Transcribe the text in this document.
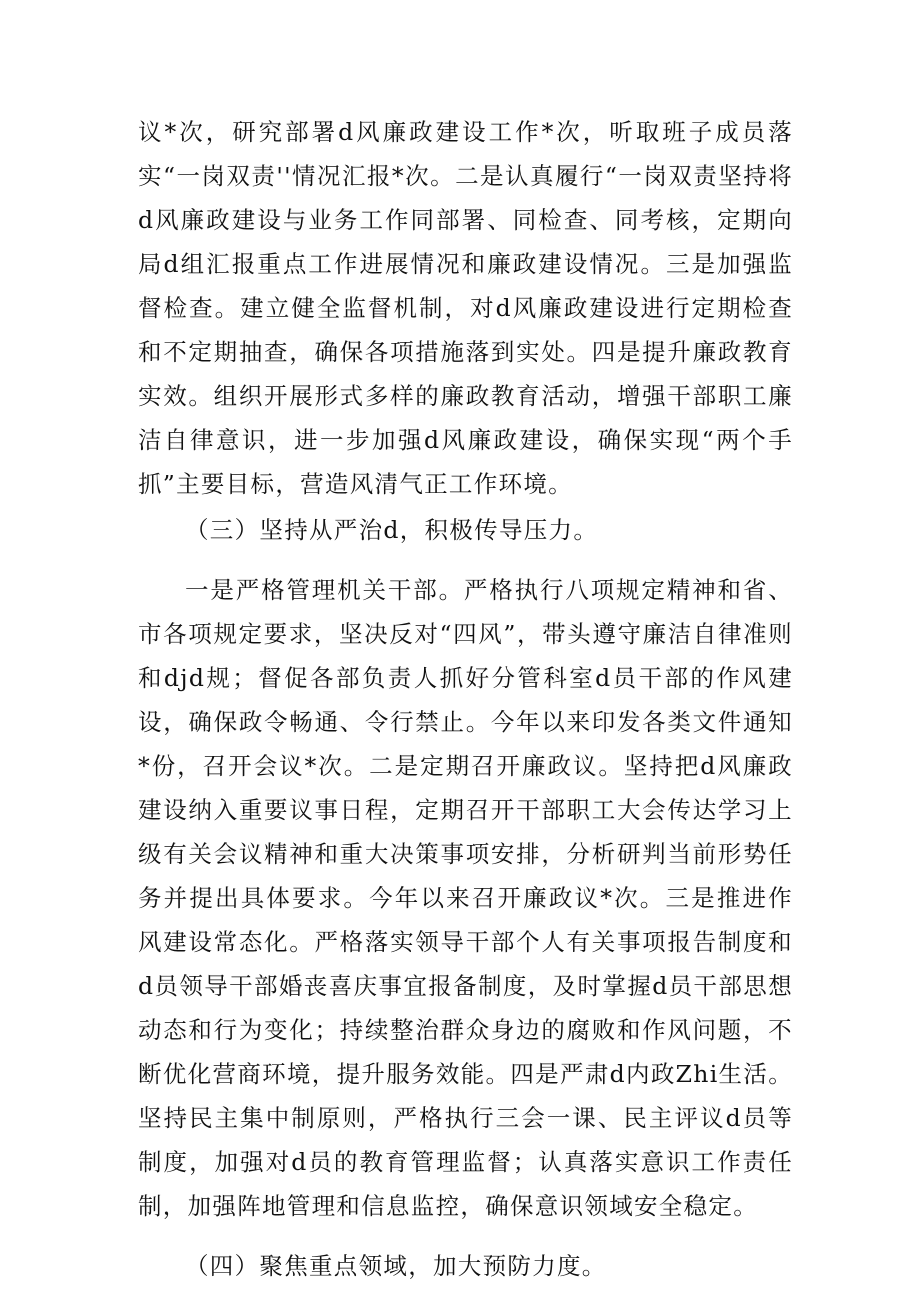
议*次，研究部署d风廉政建设工作*次，听取班子成员落实“一岗双责''情况汇报*次。二是认真履行“一岗双责坚持将d风廉政建设与业务工作同部署、同检查、同考核，定期向局d组汇报重点工作进展情况和廉政建设情况。三是加强监督检查。建立健全监督机制，对d风廉政建设进行定期检查和不定期抽查，确保各项措施落到实处。四是提升廉政教育实效。组织开展形式多样的廉政教育活动，增强干部职工廉洁自律意识，进一步加强d风廉政建设，确保实现“两个手抓”主要目标，营造风清气正工作环境。

（三）坚持从严治d，积极传导压力。

一是严格管理机关干部。严格执行八项规定精神和省、市各项规定要求，坚决反对“四风”，带头遵守廉洁自律准则和djd规；督促各部负责人抓好分管科室d员干部的作风建设，确保政令畅通、令行禁止。今年以来印发各类文件通知*份，召开会议*次。二是定期召开廉政议。坚持把d风廉政建设纳入重要议事日程，定期召开干部职工大会传达学习上级有关会议精神和重大决策事项安排，分析研判当前形势任务并提出具体要求。今年以来召开廉政议*次。三是推进作风建设常态化。严格落实领导干部个人有关事项报告制度和d员领导干部婚丧喜庆事宜报备制度，及时掌握d员干部思想动态和行为变化；持续整治群众身边的腐败和作风问题，不断优化营商环境，提升服务效能。四是严肃d内政Zhi生活。坚持民主集中制原则，严格执行三会一课、民主评议d员等制度，加强对d员的教育管理监督；认真落实意识工作责任制，加强阵地管理和信息监控，确保意识领域安全稳定。

（四）聚焦重点领域，加大预防力度。
